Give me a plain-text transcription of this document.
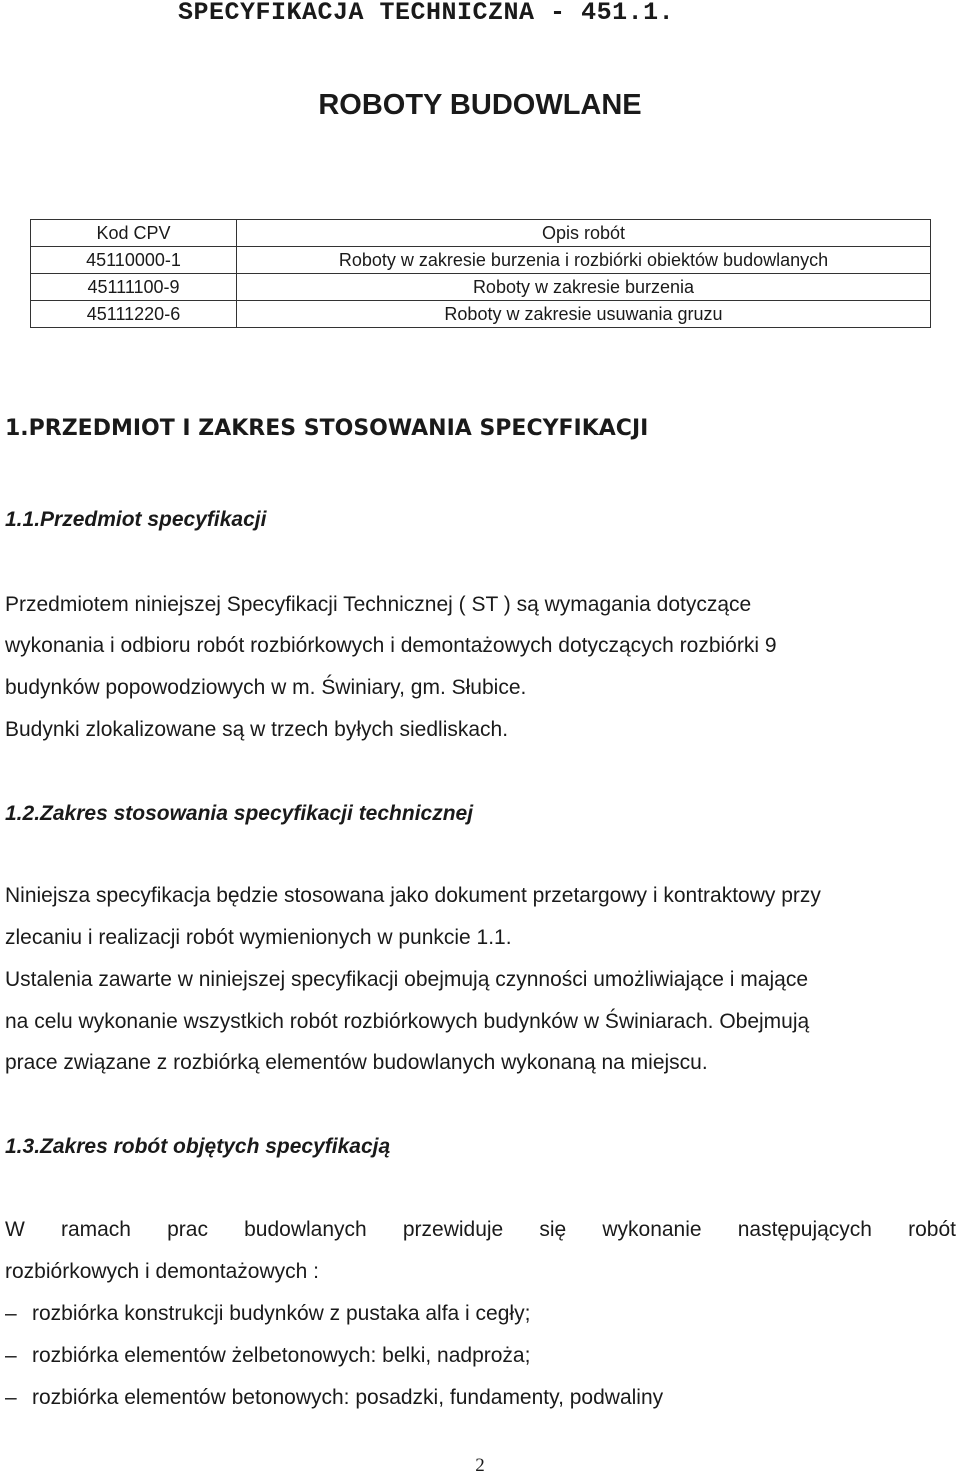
SPECYFIKACJA TECHNICZNA - 451.1.
ROBOTY BUDOWLANE
Kod CPV	Opis robót
45110000-1	Roboty w zakresie burzenia i rozbiórki obiektów budowlanych
45111100-9	Roboty w zakresie burzenia
45111220-6	Roboty w zakresie usuwania gruzu
1.PRZEDMIOT I ZAKRES STOSOWANIA SPECYFIKACJI
1.1.Przedmiot specyfikacji
Przedmiotem niniejszej Specyfikacji Technicznej ( ST ) są wymagania dotyczące
wykonania i odbioru robót rozbiórkowych i demontażowych dotyczących rozbiórki 9
budynków popowodziowych w m. Świniary, gm. Słubice.
Budynki zlokalizowane są w trzech byłych siedliskach.
1.2.Zakres stosowania specyfikacji technicznej
Niniejsza specyfikacja będzie stosowana jako dokument przetargowy i kontraktowy przy
zlecaniu i realizacji robót wymienionych w punkcie 1.1.
Ustalenia zawarte w niniejszej specyfikacji obejmują czynności umożliwiające i mające
na celu wykonanie wszystkich robót rozbiórkowych budynków w Świniarach. Obejmują
prace związane z rozbiórką elementów budowlanych wykonaną na miejscu.
1.3.Zakres robót objętych specyfikacją
W ramach prac budowlanych przewiduje się wykonanie następujących robót
rozbiórkowych i demontażowych :
– rozbiórka konstrukcji budynków z pustaka alfa i cegły;
– rozbiórka elementów żelbetonowych: belki, nadproża;
– rozbiórka elementów betonowych: posadzki, fundamenty, podwaliny
2
